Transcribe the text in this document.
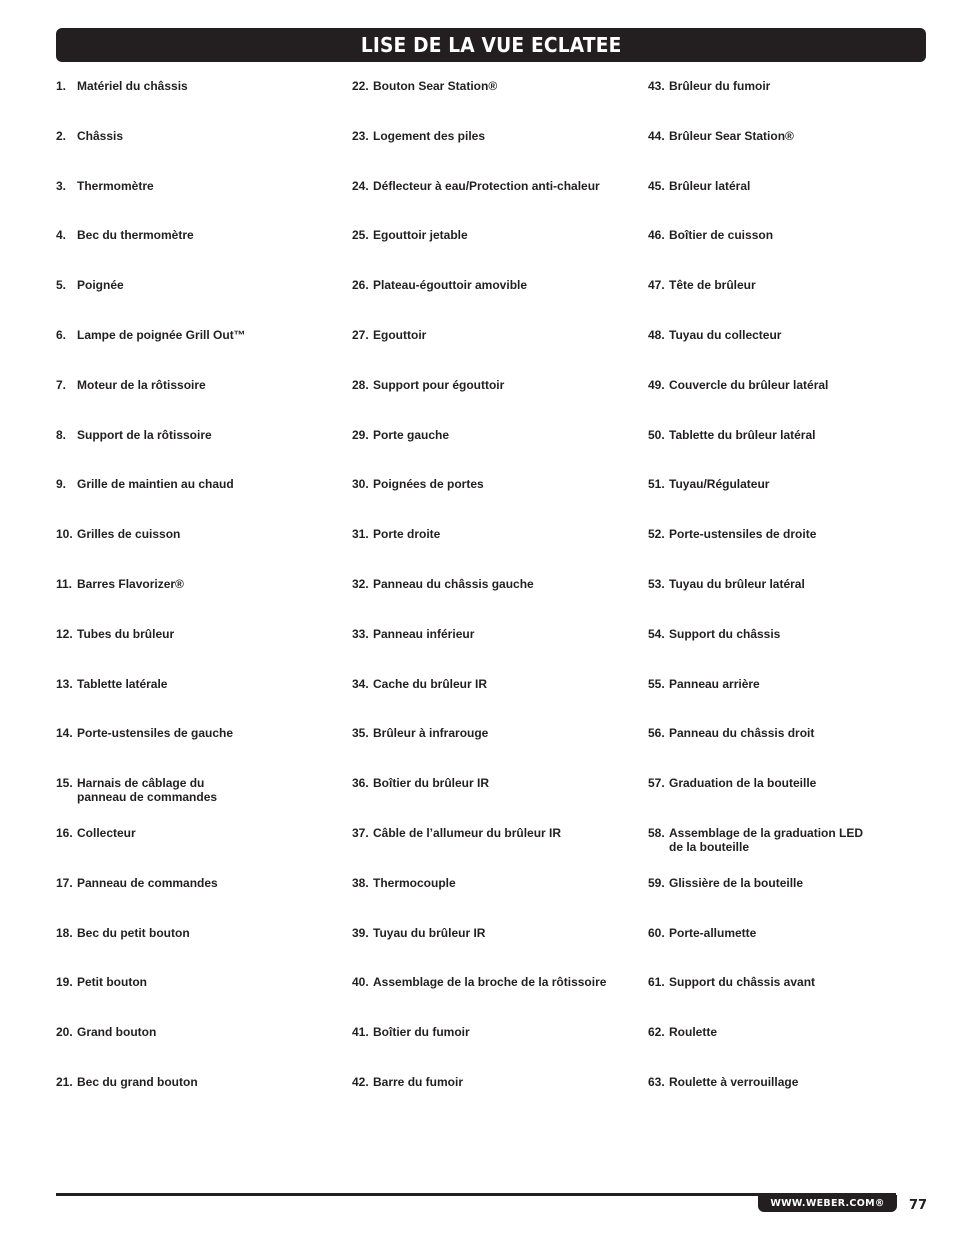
LISE DE LA VUE ECLATEE
1. Matériel du châssis
2. Châssis
3. Thermomètre
4. Bec du thermomètre
5. Poignée
6. Lampe de poignée Grill Out™
7. Moteur de la rôtissoire
8. Support de la rôtissoire
9. Grille de maintien au chaud
10. Grilles de cuisson
11. Barres Flavorizer®
12. Tubes du brûleur
13. Tablette latérale
14. Porte-ustensiles de gauche
15. Harnais de câblage du
panneau de commandes
16. Collecteur
17. Panneau de commandes
18. Bec du petit bouton
19. Petit bouton
20. Grand bouton
21. Bec du grand bouton
22. Bouton Sear Station®
23. Logement des piles
24. Déflecteur à eau/Protection anti-chaleur
25. Egouttoir jetable
26. Plateau-égouttoir amovible
27. Egouttoir
28. Support pour égouttoir
29. Porte gauche
30. Poignées de portes
31. Porte droite
32. Panneau du châssis gauche
33. Panneau inférieur
34. Cache du brûleur IR
35. Brûleur à infrarouge
36. Boîtier du brûleur IR
37. Câble de l’allumeur du brûleur IR
38. Thermocouple
39. Tuyau du brûleur IR
40. Assemblage de la broche de la rôtissoire
41. Boîtier du fumoir
42. Barre du fumoir
43. Brûleur du fumoir
44. Brûleur Sear Station®
45. Brûleur latéral
46. Boîtier de cuisson
47. Tête de brûleur
48. Tuyau du collecteur
49. Couvercle du brûleur latéral
50. Tablette du brûleur latéral
51. Tuyau/Régulateur
52. Porte-ustensiles de droite
53. Tuyau du brûleur latéral
54. Support du châssis
55. Panneau arrière
56. Panneau du châssis droit
57. Graduation de la bouteille
58. Assemblage de la graduation LED
de la bouteille
59. Glissière de la bouteille
60. Porte-allumette
61. Support du châssis avant
62. Roulette
63. Roulette à verrouillage
WWW.WEBER.COM® 77
